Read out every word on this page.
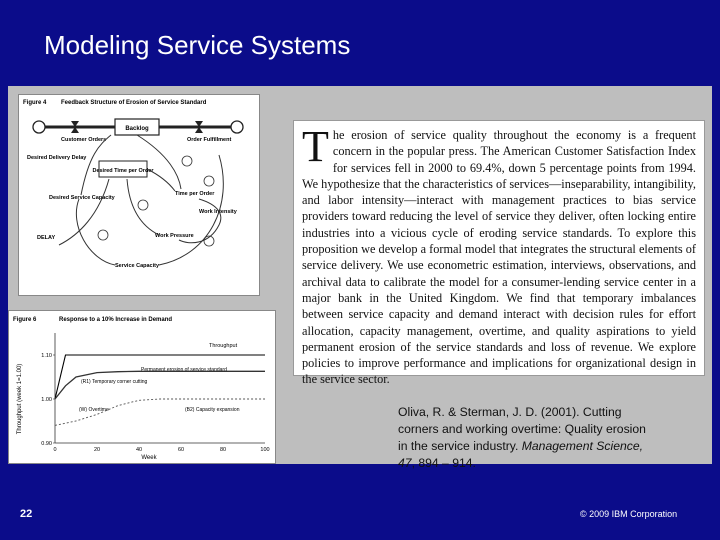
Modeling Service Systems
Figure 4 Feedback Structure of Erosion of Service Standard
Backlog
Customer Orders	Order Fulfillment
Desired Delivery Delay
Desired Time per Order
Desired Service Capacity
Time per Order
Work Intensity
Work Pressure
Service Capacity
DELAY
Figure 6	Response to a 10% Increase in Demand
Throughput (week 1=1.00)
Week
Throughput
Permanent erosion of service standard
(R1) Temporary corner cutting
(W) Overtime	(B2) Capacity expansion
0	20	40	60	80	100
0.90
1.00
1.10
T he erosion of service quality throughout the economy is a frequent concern in the popular press. The American Customer Satisfaction Index for services fell in 2000 to 69.4%, down 5 percentage points from 1994. We hypothesize that the characteristics of services—inseparability, intangibility, and labor intensity—interact with management practices to bias service providers toward reducing the level of service they deliver, often locking entire industries into a vicious cycle of eroding service standards. To explore this proposition we develop a formal model that integrates the structural elements of service delivery. We use econometric estimation, interviews, observations, and archival data to calibrate the model for a consumer-lending service center in a major bank in the United Kingdom. We find that temporary imbalances between service capacity and demand interact with decision rules for effort allocation, capacity management, overtime, and quality aspirations to yield permanent erosion of the service standards and loss of revenue. We explore policies to improve performance and implications for organizational design in the service sector.
Oliva, R. & Sterman, J. D. (2001). Cutting corners and working overtime: Quality erosion in the service industry. Management Science, 47, 894 – 914.
22	© 2009 IBM Corporation
